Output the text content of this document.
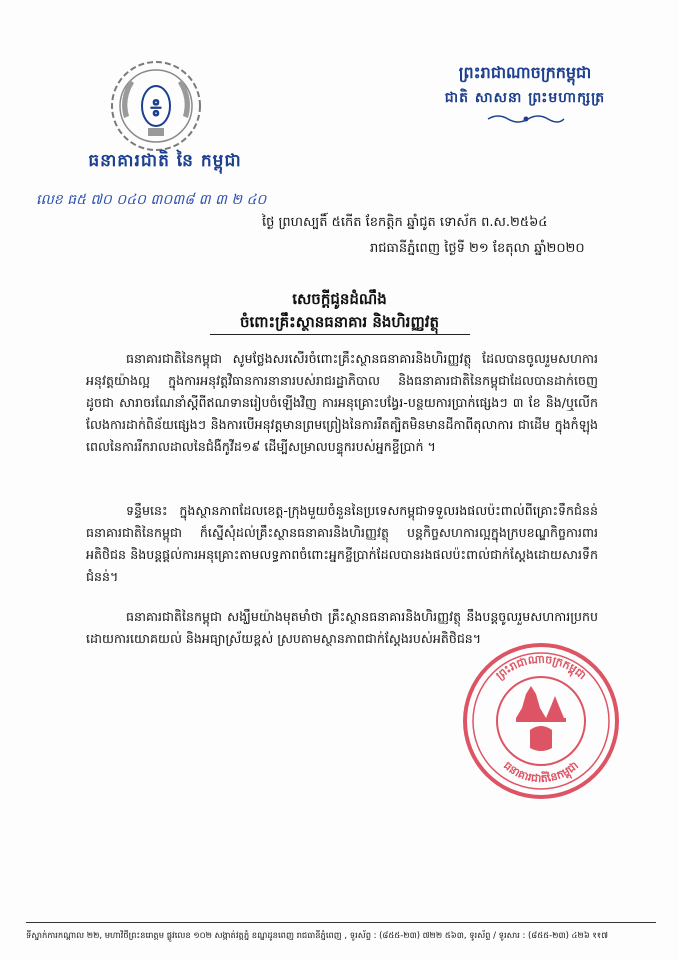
៖
ធនាគារជាតិ នៃ កម្ពុជា
លេខ ធ៥ ៧០ ០៤០ ៣០៣៨ ៣ ៣ ២ ៤០
ព្រះរាជាណាចក្រកម្ពុជា
ជាតិ សាសនា ព្រះមហាក្សត្រ
ថ្ងៃ ព្រហស្បតិ៍ ៥កើត ខែកត្តិក ឆ្នាំជូត ទោស័ក ព.ស.២៥៦៤
រាជធានីភ្នំពេញ ថ្ងៃទី ២១ ខែតុលា ឆ្នាំ២០២០
សេចក្តីជូនដំណឹង
ចំពោះគ្រឹះស្ថានធនាគារ និងហិរញ្ញវត្ថុ
ធនាគារជាតិនៃកម្ពុជា សូមថ្លែងសរសើរចំពោះគ្រឹះស្ថានធនាគារនិងហិរញ្ញវត្ថុ ដែលបានចូលរួមសហការអនុវត្តយ៉ាងល្អ ក្នុងការអនុវត្តវិធានការនានារបស់រាជរដ្ឋាភិបាល និងធនាគារជាតិនៃកម្ពុជាដែលបានដាក់ចេញ ដូចជា សារាចរណែនាំស្តីពីឥណទានរៀបចំឡើងវិញ ការអនុគ្រោះបង្វែរ-បន្ថយការប្រាក់ផ្សេងៗ ៣ ខែ និង/ឬលើកលែងការដាក់ពិន័យផ្សេងៗ និងការបើអនុវត្តមានព្រមព្រៀងនៃការរឹតត្បិតមិនមានដីកាពីតុលាការ ជាដើម ក្នុងកំឡុងពេលនៃការរីករាលដាលនៃជំងឺកូវីដ១៩ ដើម្បីសម្រាលបន្ទុករបស់អ្នកខ្ចីប្រាក់ ។
ទន្ទឹមនេះ ក្នុងស្ថានភាពដែលខេត្ត-ក្រុងមួយចំនួននៃប្រទេសកម្ពុជាទទួលរងផលប៉ះពាល់ពីគ្រោះទឹកជំនន់ ធនាគារជាតិនៃកម្ពុជា ក៏ស្នើសុំដល់គ្រឹះស្ថានធនាគារនិងហិរញ្ញវត្ថុ បន្តកិច្ចសហការល្អក្នុងក្របខណ្ឌកិច្ចការពារអតិថិជន និងបន្តផ្តល់ការអនុគ្រោះតាមលទ្ធភាពចំពោះអ្នកខ្ចីប្រាក់ដែលបានរងផលប៉ះពាល់ជាក់ស្តែងដោយសារទឹកជំនន់។
ធនាគារជាតិនៃកម្ពុជា សង្ឃឹមយ៉ាងមុតមាំថា គ្រឹះស្ថានធនាគារនិងហិរញ្ញវត្ថុ នឹងបន្តចូលរួមសហការប្រកបដោយការយោគយល់ និងអធ្យាស្រ័យខ្ពស់ ស្របតាមស្ថានភាពជាក់ស្តែងរបស់អតិថិជន។
ព្រះរាជាណាចក្រកម្ពុជា
ធនាគារជាតិនៃកម្ពុជា
ទីស្នាក់ការកណ្តាល ២២, មហាវិថីព្រះនរោត្តម ផ្លូវលេខ ១០២ សង្កាត់វត្តភ្នំ ខណ្ឌដូនពេញ រាជធានីភ្នំពេញ , ទូរស័ព្ទ : (៨៥៥-២៣) ៧២២ ៥៦៣, ទូរស័ព្ទ / ទូរសារ : (៨៥៥-២៣) ៤២៦ ११៧
